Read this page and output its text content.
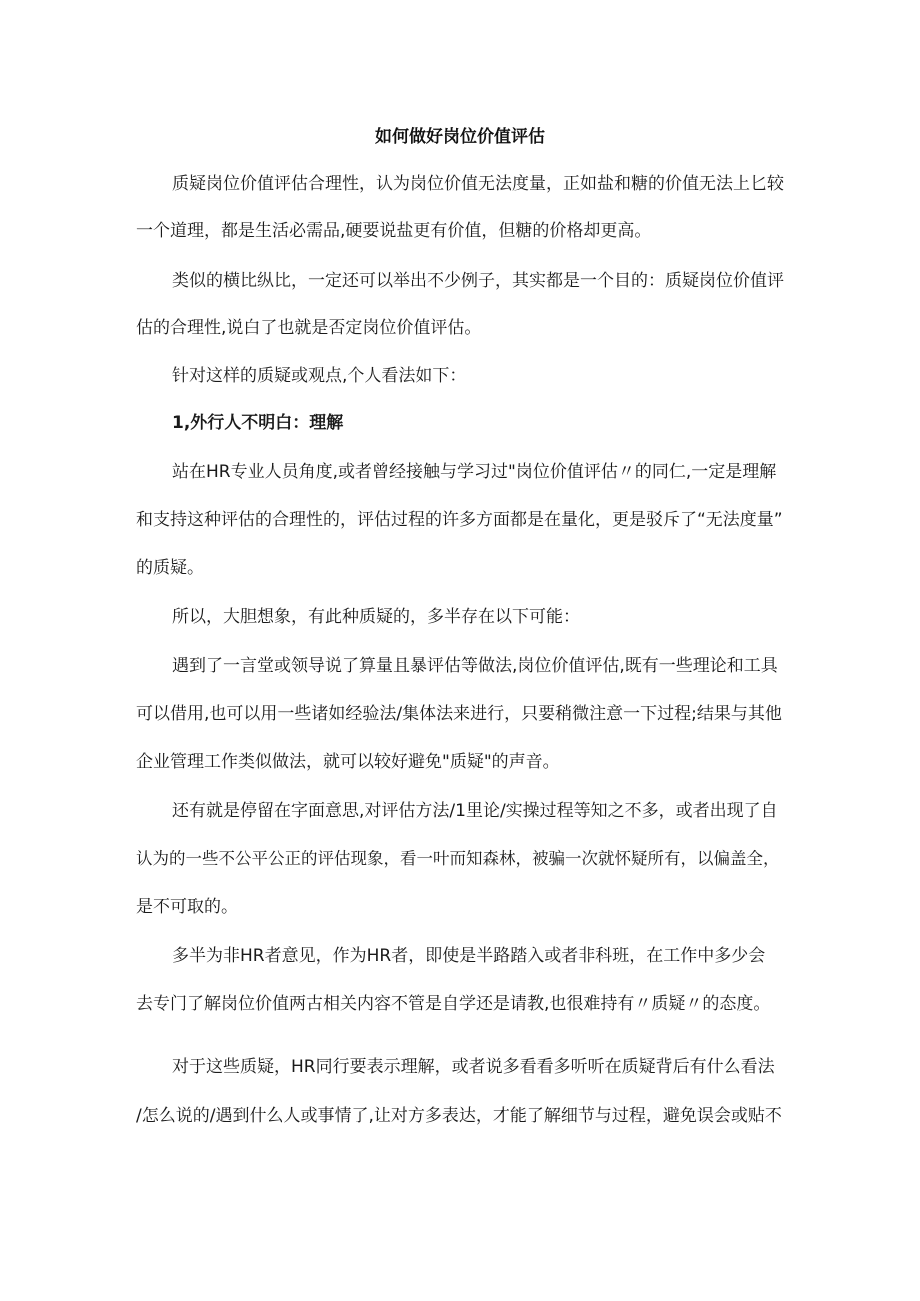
如何做好岗位价值评估
质疑岗位价值评估合理性，认为岗位价值无法度量，正如盐和糖的价值无法上匕较
一个道理，都是生活必需品,硬要说盐更有价值，但糖的价格却更高。
类似的横比纵比，一定还可以举出不少例子，其实都是一个目的：质疑岗位价值评
估的合理性,说白了也就是否定岗位价值评估。
针对这样的质疑或观点,个人看法如下：
1,外行人不明白：理解
站在HR专业人员角度,或者曾经接触与学习过"岗位价值评估〃的同仁,一定是理解
和支持这种评估的合理性的，评估过程的许多方面都是在量化，更是驳斥了“无法度量”
的质疑。
所以，大胆想象，有此种质疑的，多半存在以下可能：
遇到了一言堂或领导说了算量且暴评估等做法,岗位价值评估,既有一些理论和工具
可以借用,也可以用一些诸如经验法/集体法来进行，只要稍微注意一下过程;结果与其他
企业管理工作类似做法，就可以较好避免"质疑"的声音。
还有就是停留在字面意思,对评估方法/1里论/实操过程等知之不多，或者出现了自
认为的一些不公平公正的评估现象，看一叶而知森林，被骗一次就怀疑所有，以偏盖全，
是不可取的。
多半为非HR者意见，作为HR者，即使是半路踏入或者非科班，在工作中多少会
去专门了解岗位价值两古相关内容不管是自学还是请教,也很难持有〃质疑〃的态度。
对于这些质疑，HR同行要表示理解，或者说多看看多听听在质疑背后有什么看法
/怎么说的/遇到什么人或事情了,让对方多表达，才能了解细节与过程，避免误会或贴不
